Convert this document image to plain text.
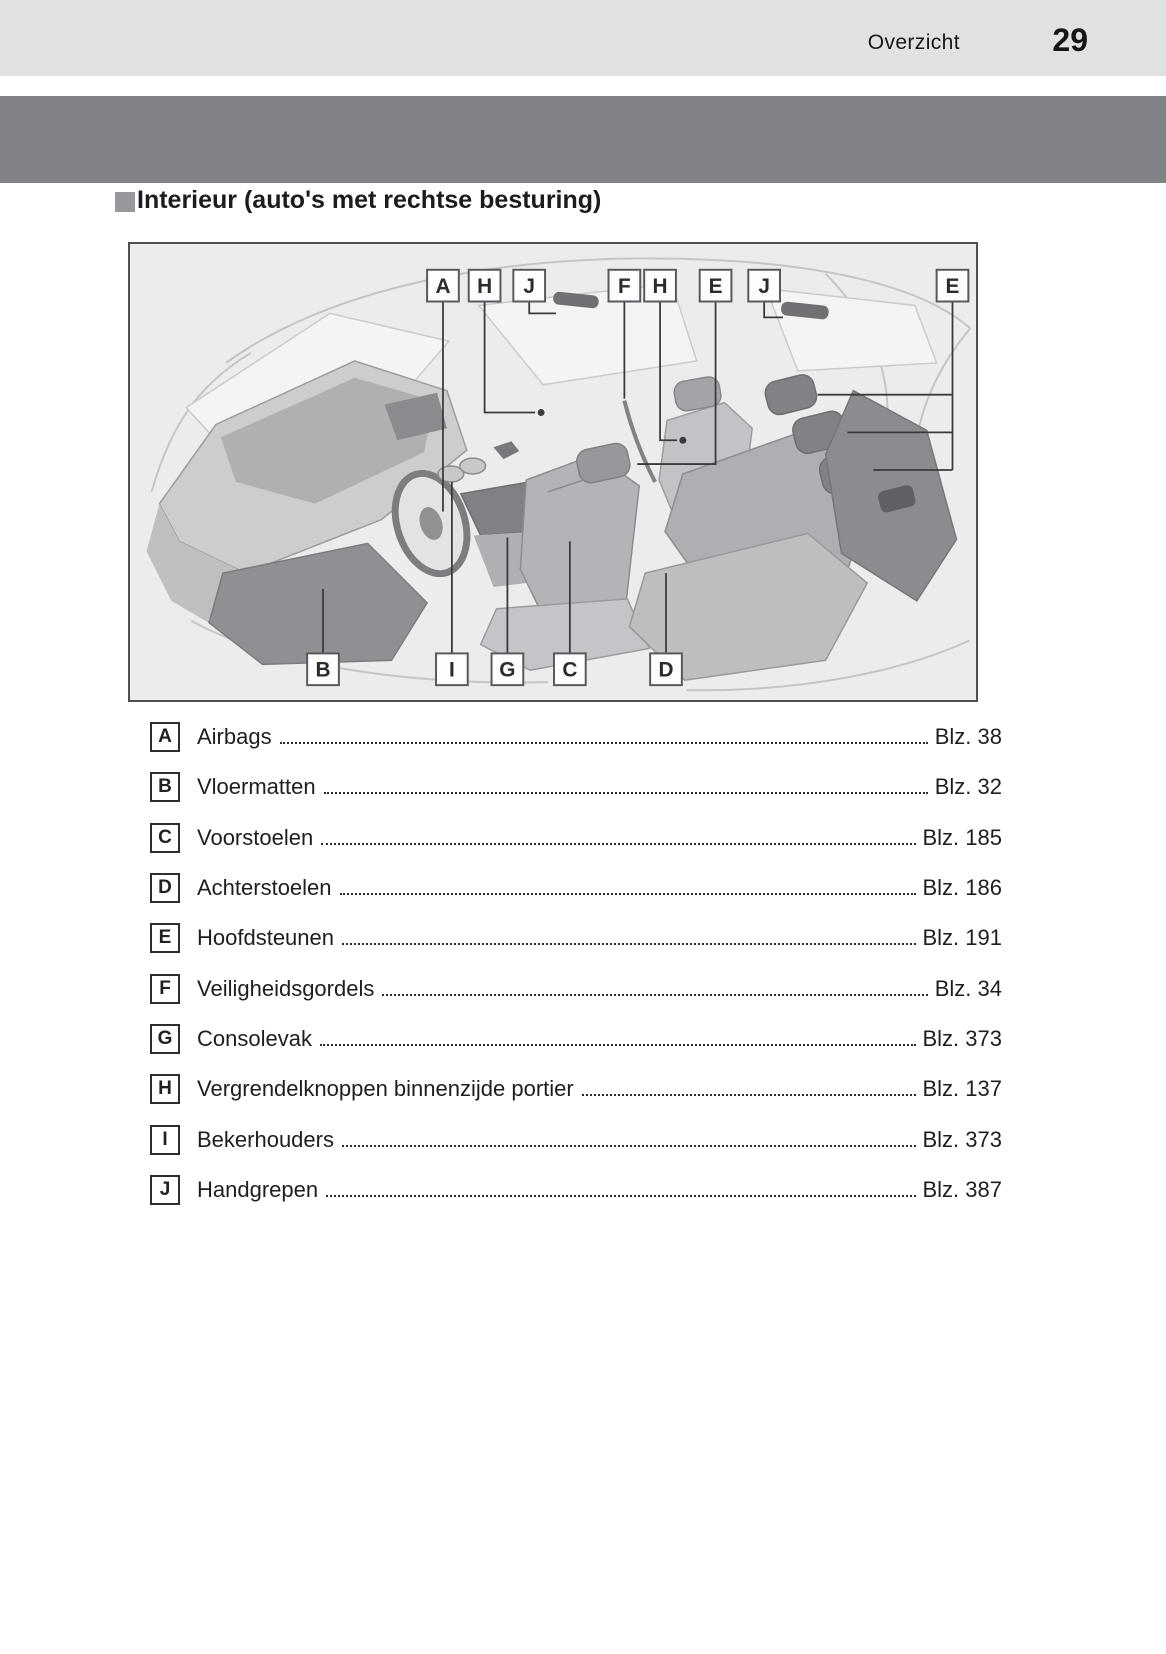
Overzicht	29
Interieur (auto's met rechtse besturing)
A H J	F H E J	E
B	I G C	D
A	Airbags	Blz. 38
B	Vloermatten	Blz. 32
C	Voorstoelen	Blz. 185
D	Achterstoelen	Blz. 186
E	Hoofdsteunen	Blz. 191
F	Veiligheidsgordels	Blz. 34
G	Consolevak	Blz. 373
H	Vergrendelknoppen binnenzijde portier	Blz. 137
I	Bekerhouders	Blz. 373
J	Handgrepen	Blz. 387
